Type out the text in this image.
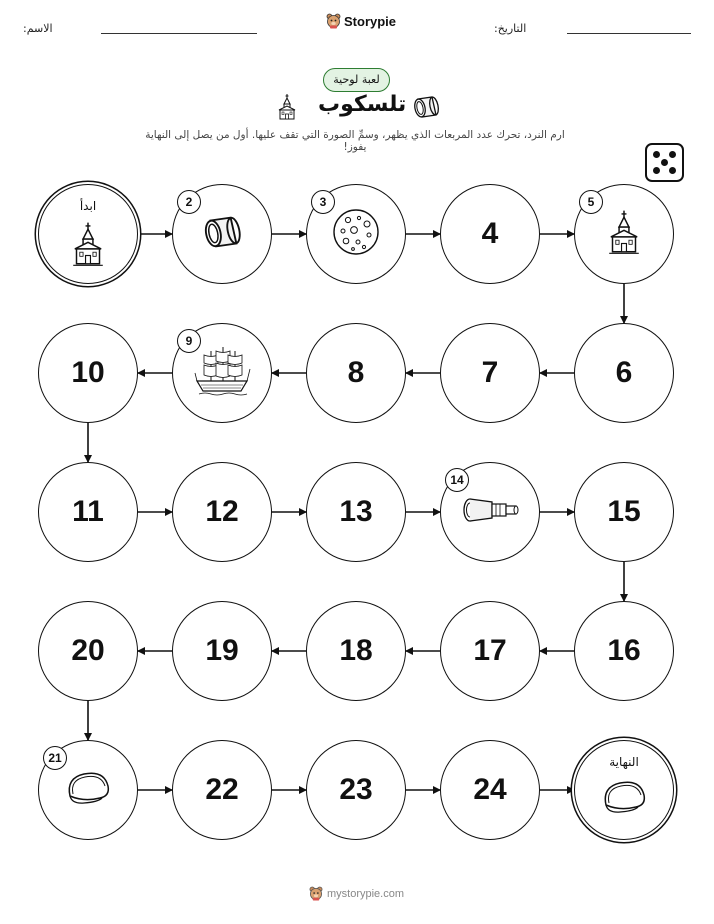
الاسم:	Storypie	التاريخ:
لعبة لوحية
تلسكوب
ارم النرد، تحرك عدد المربعات الذي يظهر، وسمِّ الصورة التي تقف عليها. أول من يصل إلى النهاية يفوز!
ابدأ	2	3
4
5
6
7
8
9
10
11	12	13
14
15
16
17
18
19
20
21
22	23	24
النهاية
mystorypie.com
